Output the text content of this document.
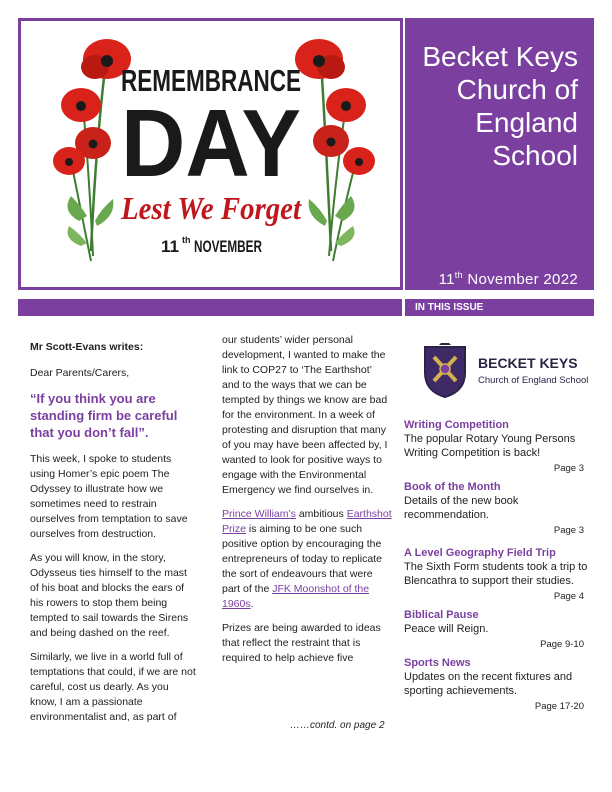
REMEMBRANCE
DAY
Lest We Forget
11 th NOVEMBER
Becket Keys Church of England School
11th November 2022
IN THIS ISSUE
Mr Scott-Evans writes:

Dear Parents/Carers,

“If you think you are standing firm be careful that you don’t fall”.

This week, I spoke to students using Homer’s epic poem The Odyssey to illustrate how we sometimes need to restrain ourselves from temptation to save ourselves from destruction.

As you will know, in the story, Odysseus ties himself to the mast of his boat and blocks the ears of his rowers to stop them being tempted to sail towards the Sirens and being dashed on the reef.

Similarly, we live in a world full of temptations that could, if we are not careful, cost us dearly. As you know, I am a passionate environmentalist and, as part of

our students’ wider personal development, I wanted to make the link to COP27 to ‘The Earthshot’ and to the ways that we can be tempted by things we know are bad for the environment. In a week of protesting and disruption that many of you may have been affected by, I wanted to look for positive ways to engage with the Environmental Emergency we find ourselves in.

Prince William’s ambitious Earthshot Prize is aiming to be one such positive option by encouraging the entrepreneurs of today to replicate the sort of endeavours that were part of the JFK Moonshot of the 1960s.

Prizes are being awarded to ideas that reflect the restraint that is required to help achieve five

……contd. on page 2
BECKET KEYS
Church of England School
Writing Competition
The popular Rotary Young Persons Writing Competition is back!
Page 3
Book of the Month
Details of the new book recommendation.
Page 3
A Level Geography Field Trip
The Sixth Form students took a trip to Blencathra to support their studies.
Page 4
Biblical Pause
Peace will Reign.
Page 9-10
Sports News
Updates on the recent fixtures and sporting achievements.
Page 17-20
